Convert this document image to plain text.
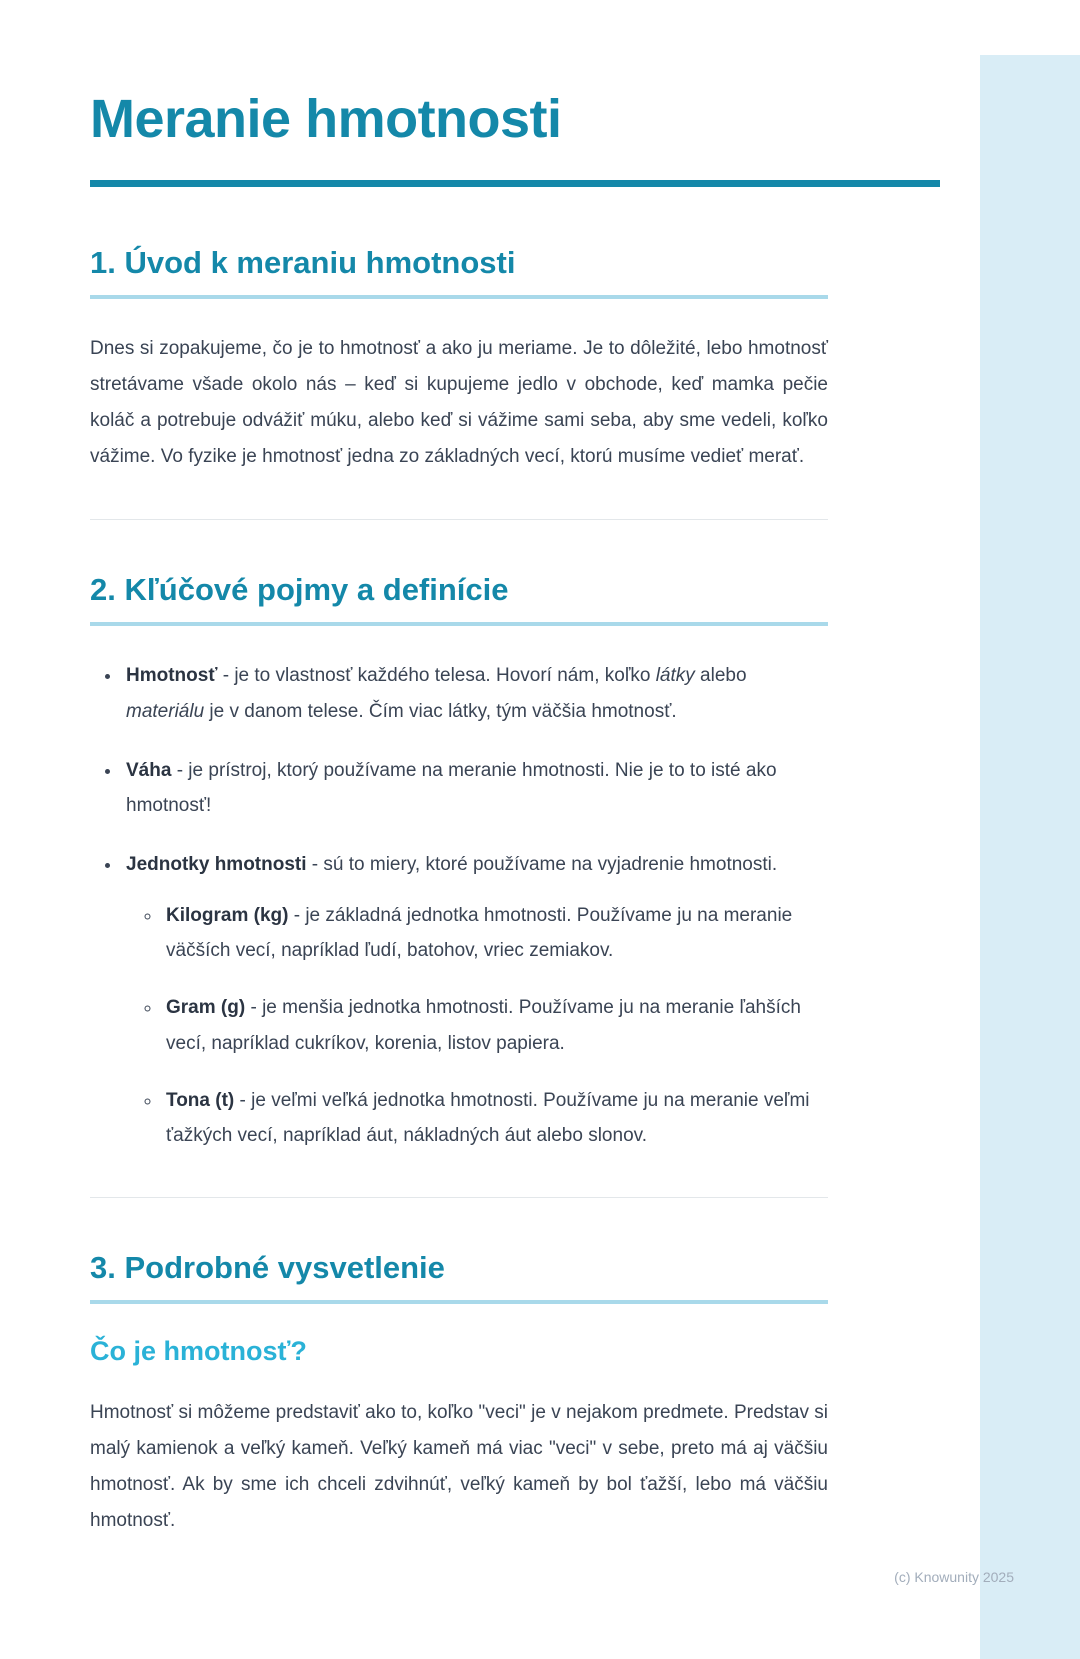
Meranie hmotnosti
1. Úvod k meraniu hmotnosti

Dnes si zopakujeme, čo je to hmotnosť a ako ju meriame. Je to dôležité, lebo hmotnosť stretávame všade okolo nás – keď si kupujeme jedlo v obchode, keď mamka pečie koláč a potrebuje odvážiť múku, alebo keď si vážime sami seba, aby sme vedeli, koľko vážime. Vo fyzike je hmotnosť jedna zo základných vecí, ktorú musíme vedieť merať.

2. Kľúčové pojmy a definície
• Hmotnosť - je to vlastnosť každého telesa. Hovorí nám, koľko látky alebo materiálu je v danom telese. Čím viac látky, tým väčšia hmotnosť.
• Váha - je prístroj, ktorý používame na meranie hmotnosti. Nie je to to isté ako hmotnosť!
• Jednotky hmotnosti - sú to miery, ktoré používame na vyjadrenie hmotnosti.
◦ Kilogram (kg) - je základná jednotka hmotnosti. Používame ju na meranie väčších vecí, napríklad ľudí, batohov, vriec zemiakov.
◦ Gram (g) - je menšia jednotka hmotnosti. Používame ju na meranie ľahších vecí, napríklad cukríkov, korenia, listov papiera.
◦ Tona (t) - je veľmi veľká jednotka hmotnosti. Používame ju na meranie veľmi ťažkých vecí, napríklad áut, nákladných áut alebo slonov.
3. Podrobné vysvetlenie
Čo je hmotnosť?

Hmotnosť si môžeme predstaviť ako to, koľko "veci" je v nejakom predmete. Predstav si malý kamienok a veľký kameň. Veľký kameň má viac "veci" v sebe, preto má aj väčšiu hmotnosť. Ak by sme ich chceli zdvihnúť, veľký kameň by bol ťažší, lebo má väčšiu hmotnosť.

(c) Knowunity 2025
